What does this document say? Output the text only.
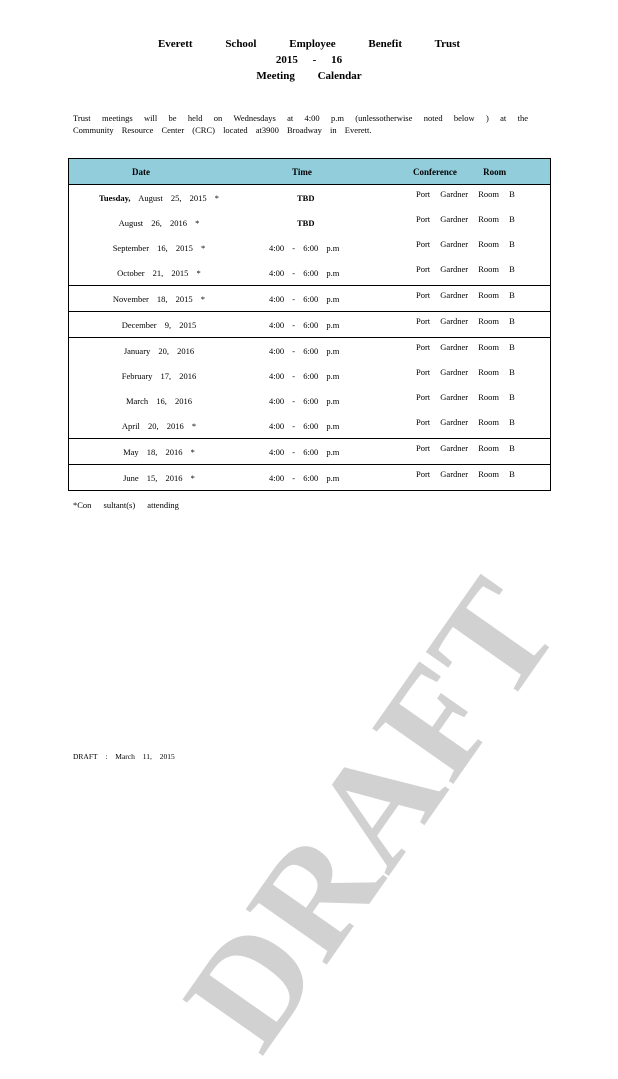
Everett School Employee Benefit Trust
2015 - 16
Meeting Calendar
Trust meetings will be held on Wednesdays at 4:00 p.m (unlessotherwise noted below ) at the Community Resource Center (CRC) located at3900 Broadway in Everett.
Date	Time	Conference Room
Tuesday, August 25, 2015 *	TBD	Port Gardner Room B
August 26, 2016 *	TBD	Port Gardner Room B
September 16, 2015 *	4:00 - 6:00 p.m	Port Gardner Room B
October 21, 2015 *	4:00 - 6:00 p.m	Port Gardner Room B
November 18, 2015 *	4:00 - 6:00 p.m	Port Gardner Room B
December 9, 2015	4:00 - 6:00 p.m	Port Gardner Room B
January 20, 2016	4:00 - 6:00 p.m	Port Gardner Room B
February 17, 2016	4:00 - 6:00 p.m	Port Gardner Room B
March 16, 2016	4:00 - 6:00 p.m	Port Gardner Room B
April 20, 2016 *	4:00 - 6:00 p.m	Port Gardner Room B
May 18, 2016 *	4:00 - 6:00 p.m	Port Gardner Room B
June 15, 2016 *	4:00 - 6:00 p.m	Port Gardner Room B
*Con sultant(s) attending
DRAFT : March 11, 2015
DRAFT
